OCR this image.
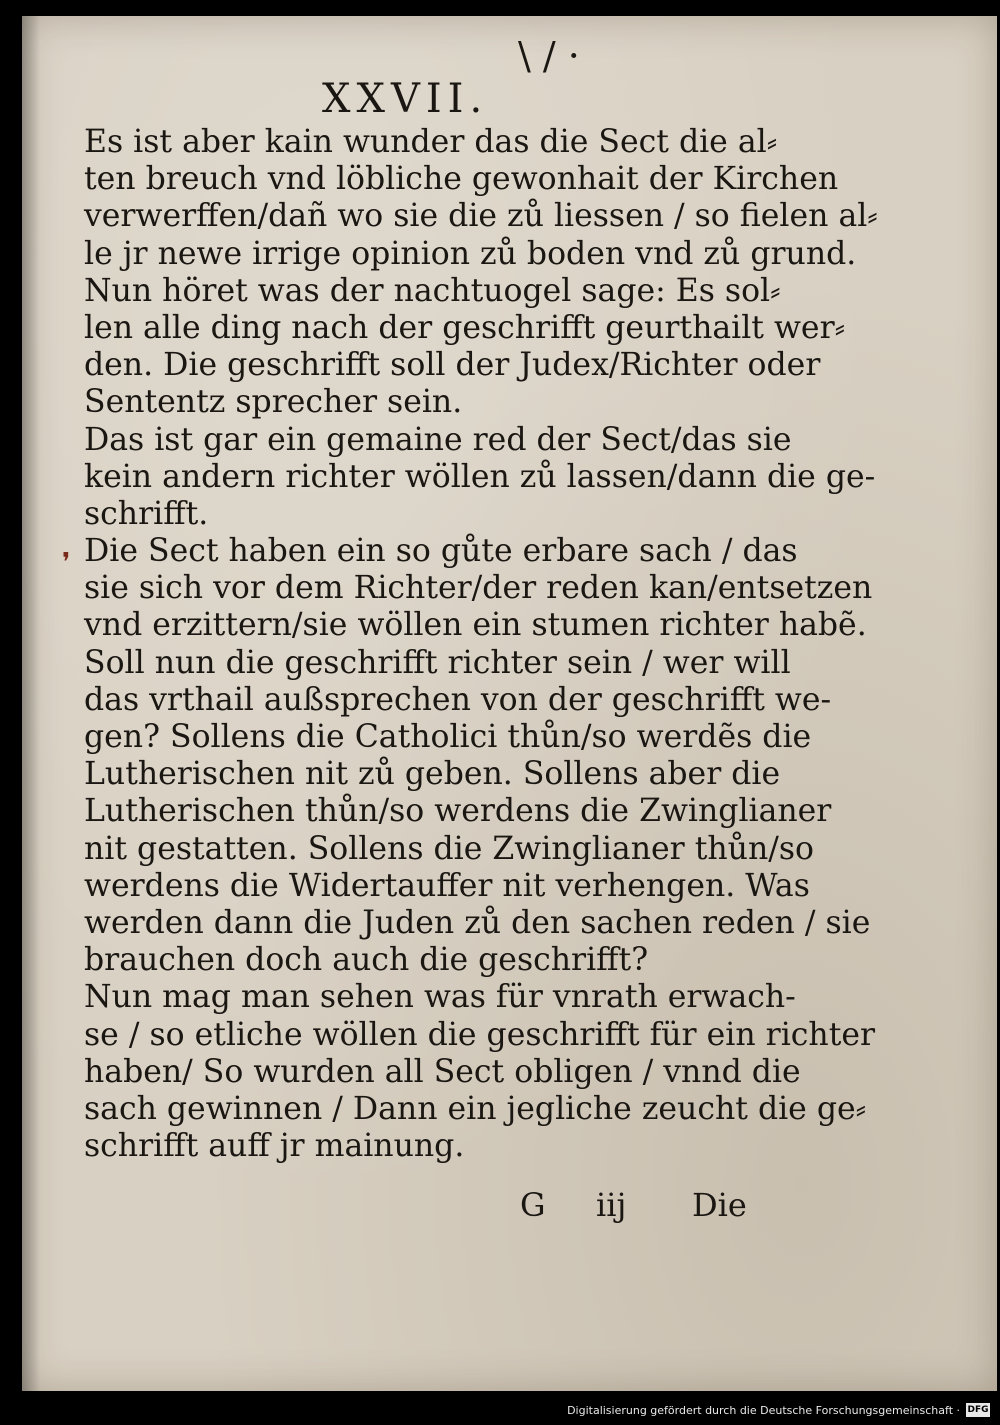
\ / ·
XXVII.
❜
Es ist aber kain wunder das die Sect die al⸗
ten breuch vnd löbliche gewonhait der Kirchen
verwerffen/dañ wo sie die zů liessen / so fielen al⸗
le jr newe irrige opinion zů boden vnd zů grund.
Nun höret was der nachtuogel sage: Es sol⸗
len alle ding nach der geschrifft geurthailt wer⸗
den. Die geschrifft soll der Judex/Richter oder
Sententz sprecher sein.
Das ist gar ein gemaine red der Sect/das sie
kein andern richter wöllen zů lassen/dann die ge-
schrifft.
Die Sect haben ein so gůte erbare sach / das
sie sich vor dem Richter/der reden kan/entsetzen
vnd erzittern/sie wöllen ein stumen richter habẽ.
Soll nun die geschrifft richter sein / wer will
das vrthail außsprechen von der geschrifft we-
gen? Sollens die Catholici thůn/so werdẽs die
Lutherischen nit zů geben. Sollens aber die
Lutherischen thůn/so werdens die Zwinglianer
nit gestatten. Sollens die Zwinglianer thůn/so
werdens die Widertauffer nit verhengen. Was
werden dann die Juden zů den sachen reden / sie
brauchen doch auch die geschrifft?
Nun mag man sehen was für vnrath erwach-
se / so etliche wöllen die geschrifft für ein richter
haben/ So wurden all Sect obligen / vnnd die
sach gewinnen / Dann ein jegliche zeucht die ge⸗
schrifft auff jr mainung.
G iij Die
Digitalisierung gefördert durch die Deutsche Forschungsgemeinschaft · DFG
